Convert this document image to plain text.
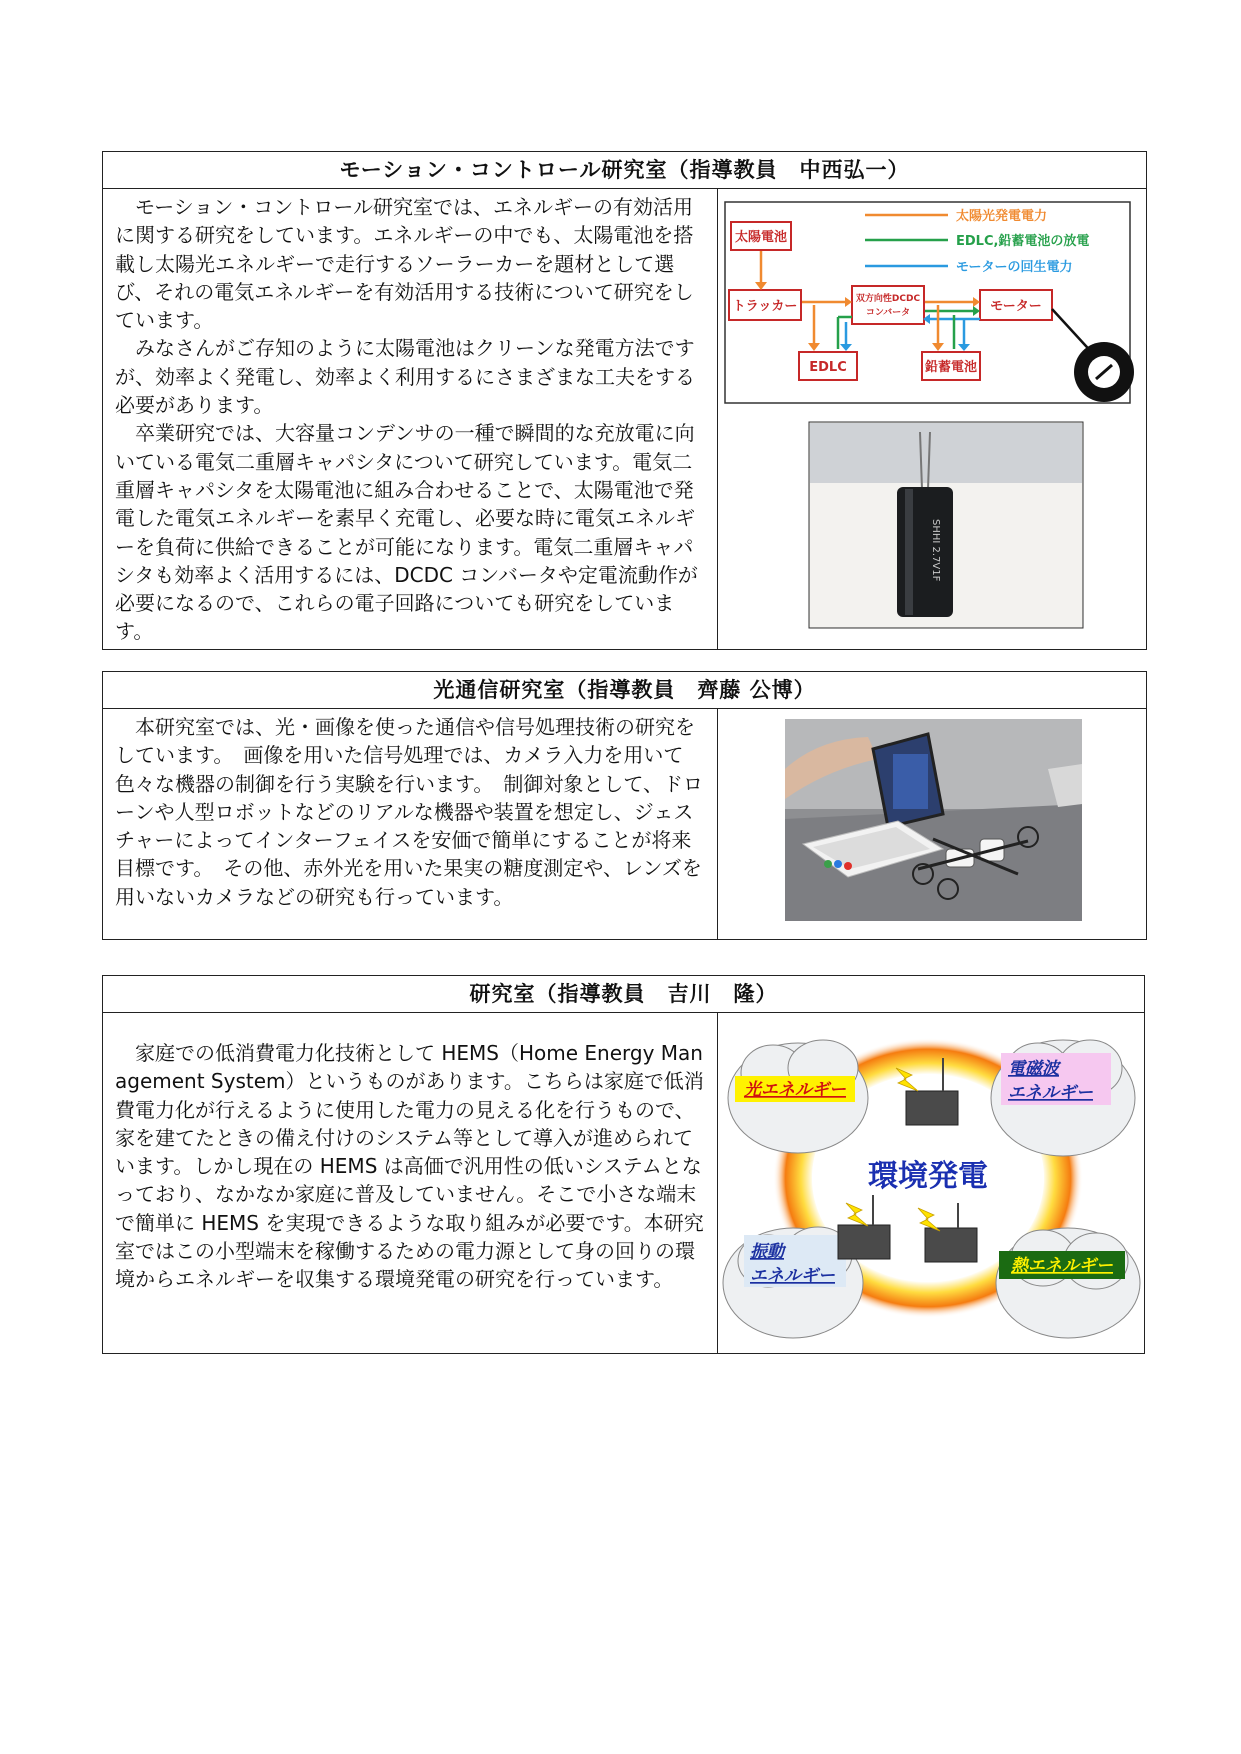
モーション・コントロール研究室（指導教員　中西弘一）
　モーション・コントロール研究室では、エネルギーの有効活用に関する研究をしています。エネルギーの中でも、太陽電池を搭載し太陽光エネルギーで走行するソーラーカーを題材として選び、それの電気エネルギーを有効活用する技術について研究をしています。
　みなさんがご存知のように太陽電池はクリーンな発電方法ですが、効率よく発電し、効率よく利用するにさまざまな工夫をする必要があります。
　卒業研究では、大容量コンデンサの一種で瞬間的な充放電に向いている電気二重層キャパシタについて研究しています。電気二重層キャパシタを太陽電池に組み合わせることで、太陽電池で発電した電気エネルギーを素早く充電し、必要な時に電気エネルギーを負荷に供給できることが可能になります。電気二重層キャパシタも効率よく活用するには、DCDC コンバータや定電流動作が必要になるので、これらの電子回路についても研究をしています。
太陽光発電電力
EDLC,鉛蓄電池の放電
モーターの回生電力
太陽電池
トラッカー	双方向性DCDC
コンバータ	モーター
EDLC	鉛蓄電池
SHHI 2.7V1F
光通信研究室（指導教員　齊藤 公博）
　本研究室では、光・画像を使った通信や信号処理技術の研究をしています。　画像を用いた信号処理では、カメラ入力を用いて色々な機器の制御を行う実験を行います。　制御対象として、ドローンや人型ロボットなどのリアルな機器や装置を想定し、ジェスチャーによってインターフェイスを安価で簡単にすることが将来目標です。　その他、赤外光を用いた果実の糖度測定や、レンズを用いないカメラなどの研究も行っています。
研究室（指導教員　吉川　隆）
　家庭での低消費電力化技術として HEMS（Home Energy Management System）というものがあります。こちらは家庭で低消費電力化が行えるように使用した電力の見える化を行うもので、家を建てたときの備え付けのシステム等として導入が進められています。しかし現在の HEMS は高価で汎用性の低いシステムとなっており、なかなか家庭に普及していません。そこで小さな端末で簡単に HEMS を実現できるような取り組みが必要です。本研究室ではこの小型端末を稼働するための電力源として身の回りの環境からエネルギーを収集する環境発電の研究を行っています。
光エネルギー
電磁波
エネルギー
振動
エネルギー	熱エネルギー
環境発電
